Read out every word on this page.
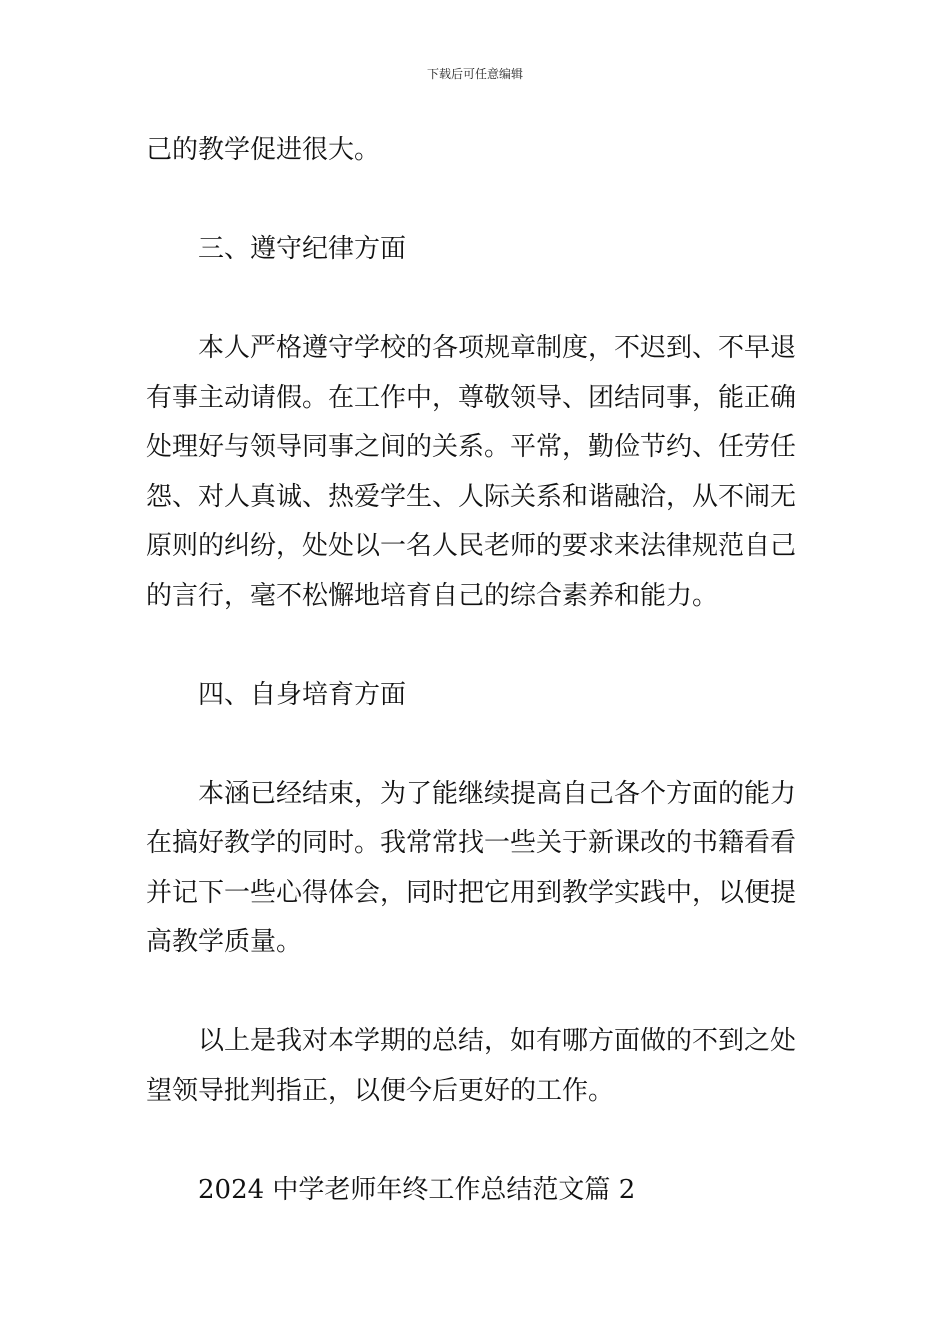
下载后可任意编辑

己的教学促进很大。

三、遵守纪律方面

本人严格遵守学校的各项规章制度，不迟到、不早退有事主动请假。在工作中，尊敬领导、团结同事，能正确处理好与领导同事之间的关系。平常，勤俭节约、任劳任怨、对人真诚、热爱学生、人际关系和谐融洽，从不闹无原则的纠纷，处处以一名人民老师的要求来法律规范自己的言行，毫不松懈地培育自己的综合素养和能力。

四、自身培育方面

本涵已经结束，为了能继续提高自己各个方面的能力在搞好教学的同时。我常常找一些关于新课改的书籍看看并记下一些心得体会，同时把它用到教学实践中，以便提高教学质量。

以上是我对本学期的总结，如有哪方面做的不到之处望领导批判指正，以便今后更好的工作。

2024 中学老师年终工作总结范文篇 2
